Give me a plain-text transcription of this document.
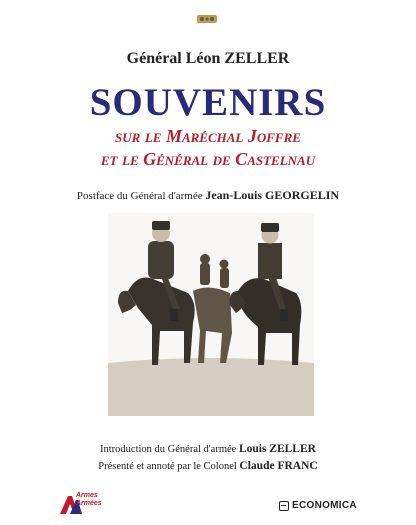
Général Léon ZELLER
SOUVENIRS
sur le Maréchal Joffre
et le Général de Castelnau
Postface du Général d'armée Jean-Louis GEORGELIN
Introduction du Général d'armée Louis ZELLER
Présenté et annoté par le Colonel Claude FRANC
Armes
Armées	ECONOMICA
